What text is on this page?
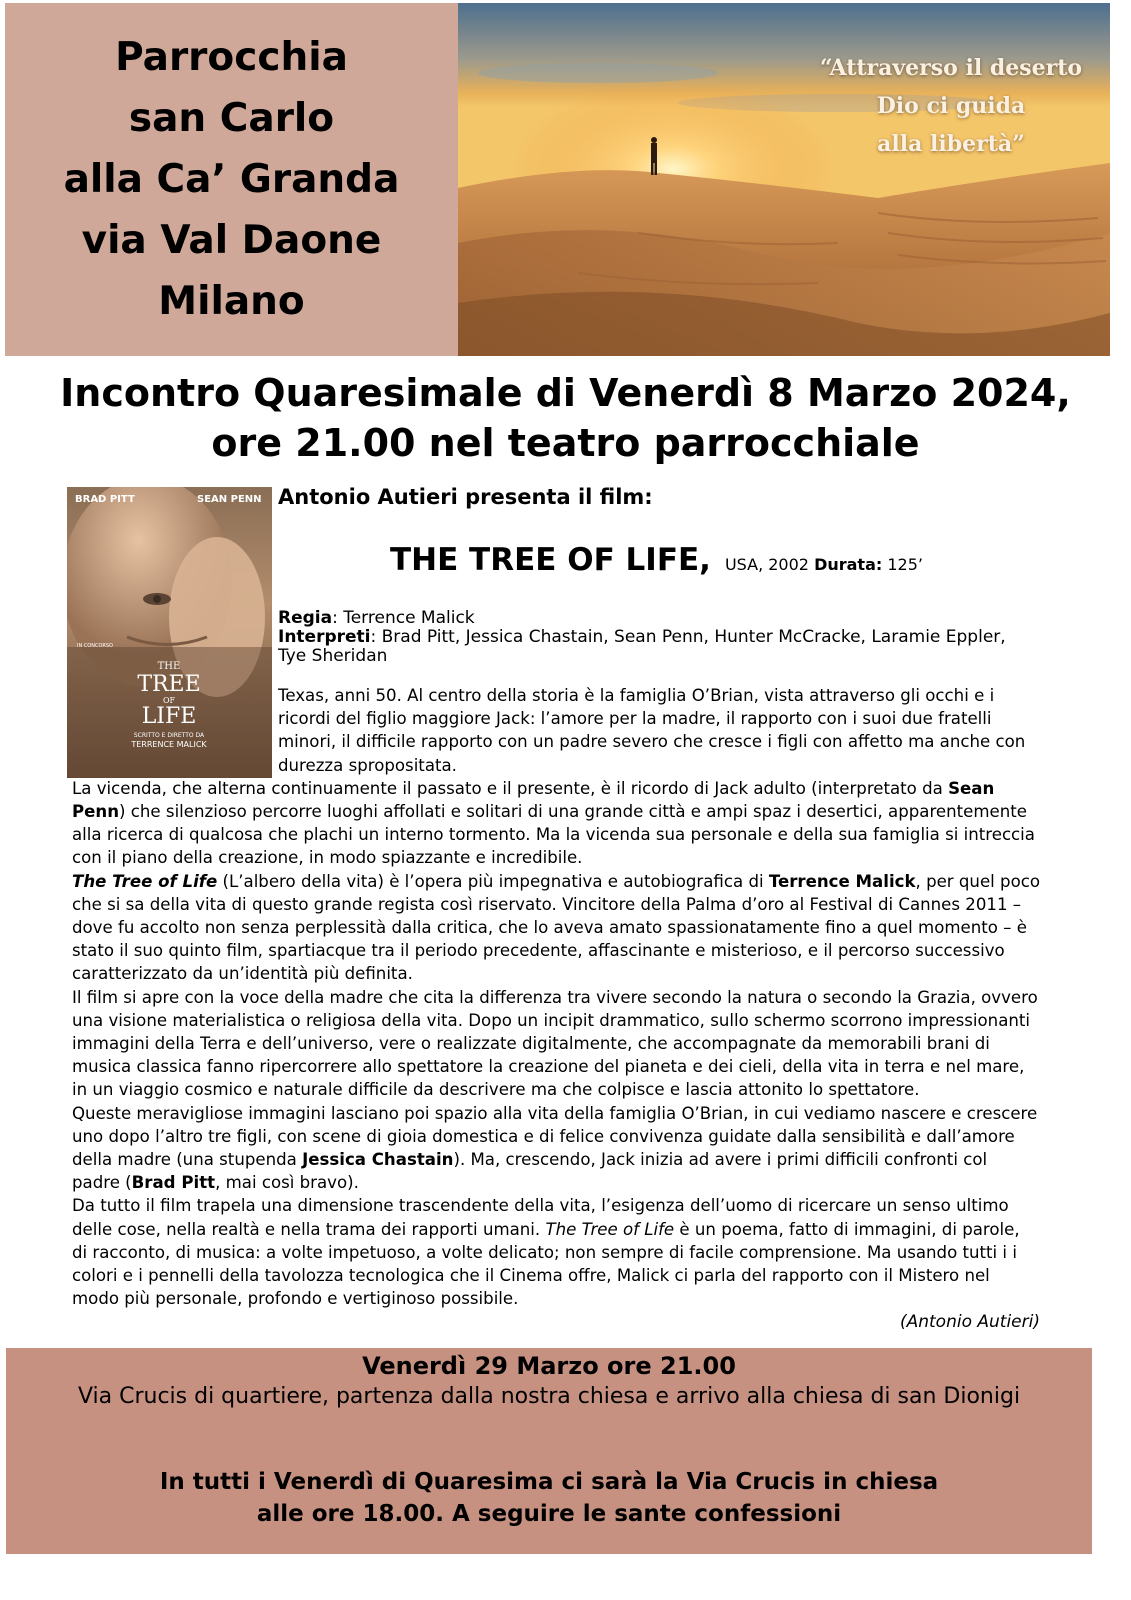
Parrocchia
san Carlo
alla Ca’ Granda
via Val Daone
Milano
“Attraverso il deserto
Dio ci guida
alla libertà”
Incontro Quaresimale di Venerdì 8 Marzo 2024,
ore 21.00 nel teatro parrocchiale
BRAD PITT	SEAN PENN
IN CONCORSO
THE
TREE
OF
LIFE
SCRITTO E DIRETTO DA
TERRENCE MALICK
Antonio Autieri presenta il film:
THE TREE OF LIFE, USA, 2002 Durata: 125’
Regia: Terrence Malick
Interpreti: Brad Pitt, Jessica Chastain, Sean Penn, Hunter McCracke, Laramie Eppler, Tye Sheridan

Texas, anni 50. Al centro della storia è la famiglia O’Brian, vista attraverso gli occhi e i ricordi del figlio maggiore Jack: l’amore per la madre, il rapporto con i suoi due fratelli minori, il difficile rapporto con un padre severo che cresce i figli con affetto ma anche con durezza spropositata.

La vicenda, che alterna continuamente il passato e il presente, è il ricordo di Jack adulto (interpretato da Sean Penn) che silenzioso percorre luoghi affollati e solitari di una grande città e ampi spaz i desertici, apparentemente alla ricerca di qualcosa che plachi un interno tormento. Ma la vicenda sua personale e della sua famiglia si intreccia con il piano della creazione, in modo spiazzante e incredibile.

The Tree of Life (L’albero della vita) è l’opera più impegnativa e autobiografica di Terrence Malick, per quel poco che si sa della vita di questo grande regista così riservato. Vincitore della Palma d’oro al Festival di Cannes 2011 – dove fu accolto non senza perplessità dalla critica, che lo aveva amato spassionatamente fino a quel momento – è stato il suo quinto film, spartiacque tra il periodo precedente, affascinante e misterioso, e il percorso successivo caratterizzato da un’identità più definita.

Il film si apre con la voce della madre che cita la differenza tra vivere secondo la natura o secondo la Grazia, ovvero una visione materialistica o religiosa della vita. Dopo un incipit drammatico, sullo schermo scorrono impressionanti immagini della Terra e dell’universo, vere o realizzate digitalmente, che accompagnate da memorabili brani di musica classica fanno ripercorrere allo spettatore la creazione del pianeta e dei cieli, della vita in terra e nel mare, in un viaggio cosmico e naturale difficile da descrivere ma che colpisce e lascia attonito lo spettatore.

Queste meravigliose immagini lasciano poi spazio alla vita della famiglia O’Brian, in cui vediamo nascere e crescere uno dopo l’altro tre figli, con scene di gioia domestica e di felice convivenza guidate dalla sensibilità e dall’amore della madre (una stupenda Jessica Chastain). Ma, crescendo, Jack inizia ad avere i primi difficili confronti col padre (Brad Pitt, mai così bravo).

Da tutto il film trapela una dimensione trascendente della vita, l’esigenza dell’uomo di ricercare un senso ultimo delle cose, nella realtà e nella trama dei rapporti umani. The Tree of Life è un poema, fatto di immagini, di parole, di racconto, di musica: a volte impetuoso, a volte delicato; non sempre di facile comprensione. Ma usando tutti i i colori e i pennelli della tavolozza tecnologica che il Cinema offre, Malick ci parla del rapporto con il Mistero nel modo più personale, profondo e vertiginoso possibile.

(Antonio Autieri)
Venerdì 29 Marzo ore 21.00
Via Crucis di quartiere, partenza dalla nostra chiesa e arrivo alla chiesa di san Dionigi
In tutti i Venerdì di Quaresima ci sarà la Via Crucis in chiesa
alle ore 18.00. A seguire le sante confessioni
